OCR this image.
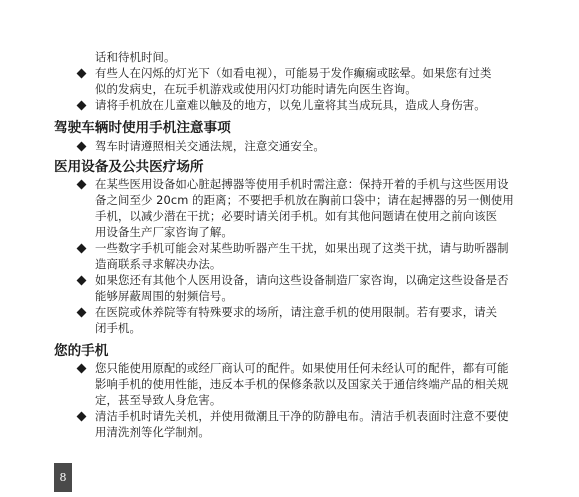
话和待机时间。
有些人在闪烁的灯光下（如看电视），可能易于发作癫痫或眩晕。如果您有过类
似的发病史，在玩手机游戏或使用闪灯功能时请先向医生咨询。
请将手机放在儿童难以触及的地方，以免儿童将其当成玩具，造成人身伤害。
驾驶车辆时使用手机注意事项
驾车时请遵照相关交通法规，注意交通安全。
医用设备及公共医疗场所
在某些医用设备如心脏起搏器等使用手机时需注意：保持开着的手机与这些医用设
备之间至少 20cm 的距离；不要把手机放在胸前口袋中；请在起搏器的另一侧使用
手机，以减少潜在干扰；必要时请关闭手机。如有其他问题请在使用之前向该医
用设备生产厂家咨询了解。
一些数字手机可能会对某些助听器产生干扰，如果出现了这类干扰，请与助听器制
造商联系寻求解决办法。
如果您还有其他个人医用设备，请向这些设备制造厂家咨询，以确定这些设备是否
能够屏蔽周围的射频信号。
在医院或休养院等有特殊要求的场所，请注意手机的使用限制。若有要求，请关
闭手机。
您的手机
您只能使用原配的或经厂商认可的配件。如果使用任何未经认可的配件，都有可能
影响手机的使用性能，违反本手机的保修条款以及国家关于通信终端产品的相关规
定，甚至导致人身危害。
清洁手机时请先关机，并使用微潮且干净的防静电布。清洁手机表面时注意不要使
用清洗剂等化学制剂。
8
